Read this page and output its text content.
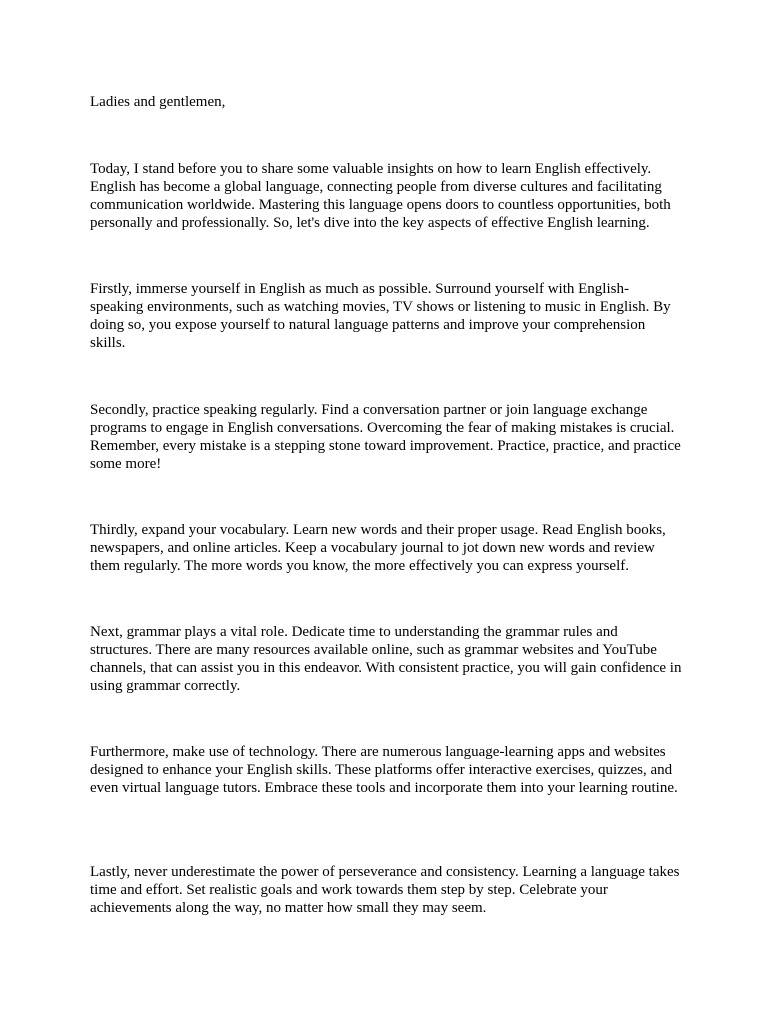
Ladies and gentlemen,

Today, I stand before you to share some valuable insights on how to learn English effectively. English has become a global language, connecting people from diverse cultures and facilitating communication worldwide. Mastering this language opens doors to countless opportunities, both personally and professionally. So, let's dive into the key aspects of effective English learning.

Firstly, immerse yourself in English as much as possible. Surround yourself with English-speaking environments, such as watching movies, TV shows or listening to music in English. By doing so, you expose yourself to natural language patterns and improve your comprehension skills.

Secondly, practice speaking regularly. Find a conversation partner or join language exchange programs to engage in English conversations. Overcoming the fear of making mistakes is crucial. Remember, every mistake is a stepping stone toward improvement. Practice, practice, and practice some more!

Thirdly, expand your vocabulary. Learn new words and their proper usage. Read English books, newspapers, and online articles. Keep a vocabulary journal to jot down new words and review them regularly. The more words you know, the more effectively you can express yourself.

Next, grammar plays a vital role. Dedicate time to understanding the grammar rules and structures. There are many resources available online, such as grammar websites and YouTube channels, that can assist you in this endeavor. With consistent practice, you will gain confidence in using grammar correctly.

Furthermore, make use of technology. There are numerous language-learning apps and websites designed to enhance your English skills. These platforms offer interactive exercises, quizzes, and even virtual language tutors. Embrace these tools and incorporate them into your learning routine.

Lastly, never underestimate the power of perseverance and consistency. Learning a language takes time and effort. Set realistic goals and work towards them step by step. Celebrate your achievements along the way, no matter how small they may seem.
